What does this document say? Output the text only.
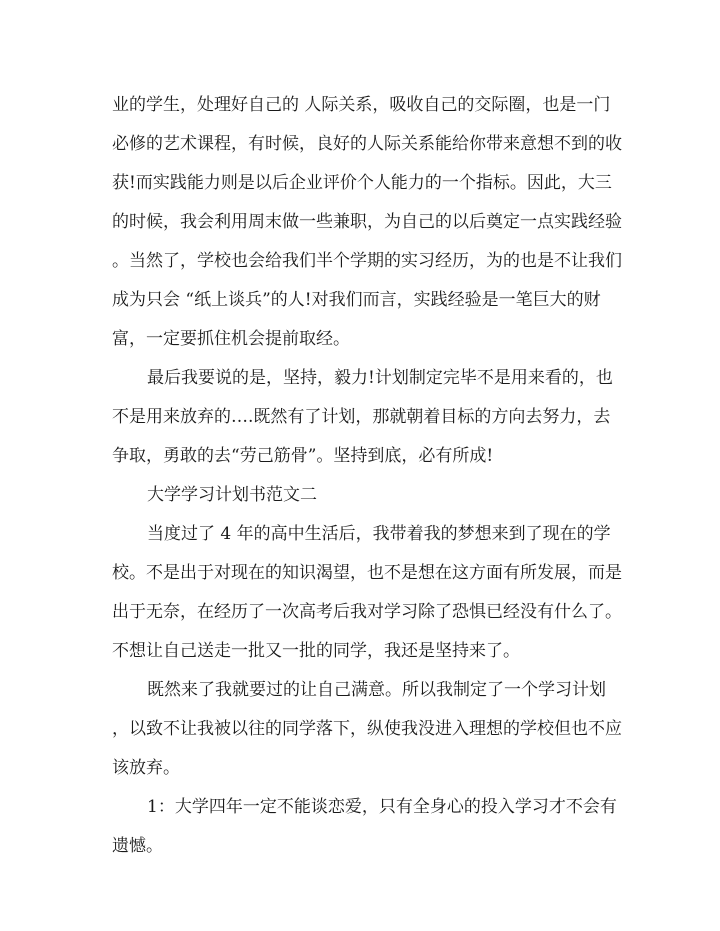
业的学生，处理好自己的 人际关系，吸收自己的交际圈，也是一门
必修的艺术课程，有时候，良好的人际关系能给你带来意想不到的收
获!而实践能力则是以后企业评价个人能力的一个指标。因此，大三
的时候，我会利用周末做一些兼职，为自己的以后奠定一点实践经验
。当然了，学校也会给我们半个学期的实习经历，为的也是不让我们
成为只会 “纸上谈兵”的人!对我们而言，实践经验是一笔巨大的财
富，一定要抓住机会提前取经。
最后我要说的是，坚持，毅力!计划制定完毕不是用来看的，也
不是用来放弃的….既然有了计划，那就朝着目标的方向去努力，去
争取，勇敢的去“劳己筋骨”。坚持到底，必有所成!
大学学习计划书范文二
当度过了 4 年的高中生活后，我带着我的梦想来到了现在的学
校。不是出于对现在的知识渴望，也不是想在这方面有所发展，而是
出于无奈，在经历了一次高考后我对学习除了恐惧已经没有什么了。
不想让自己送走一批又一批的同学，我还是坚持来了。
既然来了我就要过的让自己满意。所以我制定了一个学习计划
，以致不让我被以往的同学落下，纵使我没进入理想的学校但也不应
该放弃。
1：大学四年一定不能谈恋爱，只有全身心的投入学习才不会有
遗憾。
